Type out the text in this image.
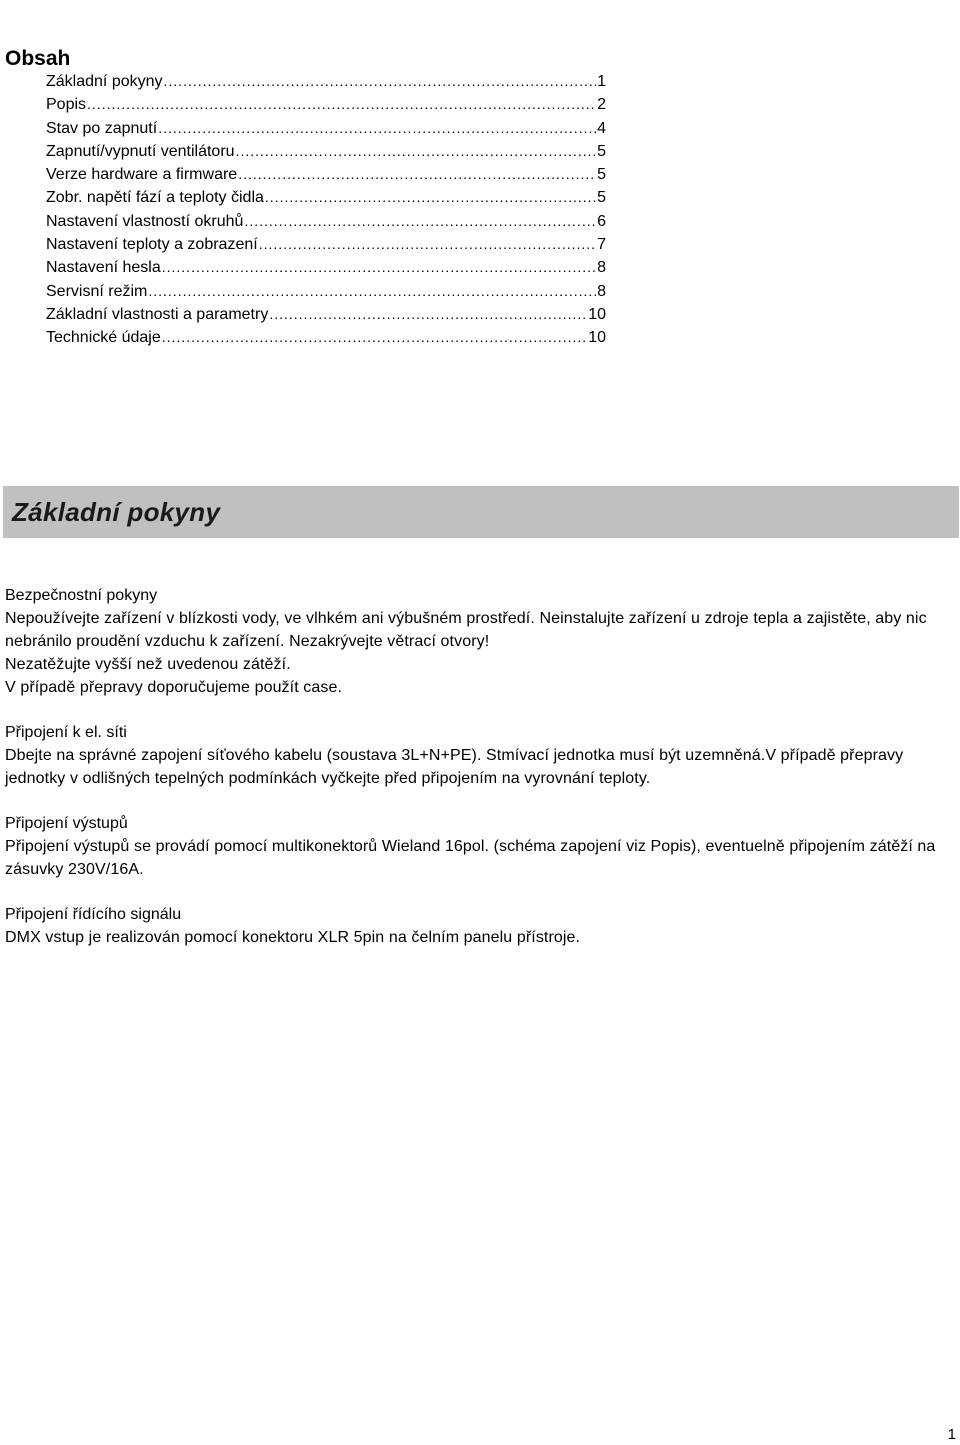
Obsah
Základní pokyny .....	1
Popis .....	2
Stav po zapnutí .....	4
Zapnutí/vypnutí ventilátoru .....	5
Verze hardware a firmware .....	5
Zobr. napětí fází a teploty čidla .....	5
Nastavení vlastností okruhů .....	6
Nastavení teploty a zobrazení .....	7
Nastavení hesla .....	8
Servisní režim .....	8
Základní vlastnosti a parametry .....	10
Technické údaje .....	10
Základní pokyny

Bezpečnostní pokyny

Nepoužívejte zařízení v blízkosti vody, ve vlhkém ani výbušném prostředí. Neinstalujte zařízení u zdroje tepla a zajistěte, aby nic nebránilo proudění vzduchu k zařízení. Nezakrývejte větrací otvory!

Nezatěžujte vyšší než uvedenou zátěží.

V případě přepravy doporučujeme použít case.

Připojení k el. síti

Dbejte na správné zapojení síťového kabelu (soustava 3L+N+PE). Stmívací jednotka musí být uzemněná.V případě přepravy jednotky v odlišných tepelných podmínkách vyčkejte před připojením na vyrovnání teploty.

Připojení výstupů

Připojení výstupů se provádí pomocí multikonektorů Wieland 16pol. (schéma zapojení viz Popis), eventuelně připojením zátěží na zásuvky 230V/16A.

Připojení řídícího signálu

DMX vstup je realizován pomocí konektoru XLR 5pin na čelním panelu přístroje.

1
